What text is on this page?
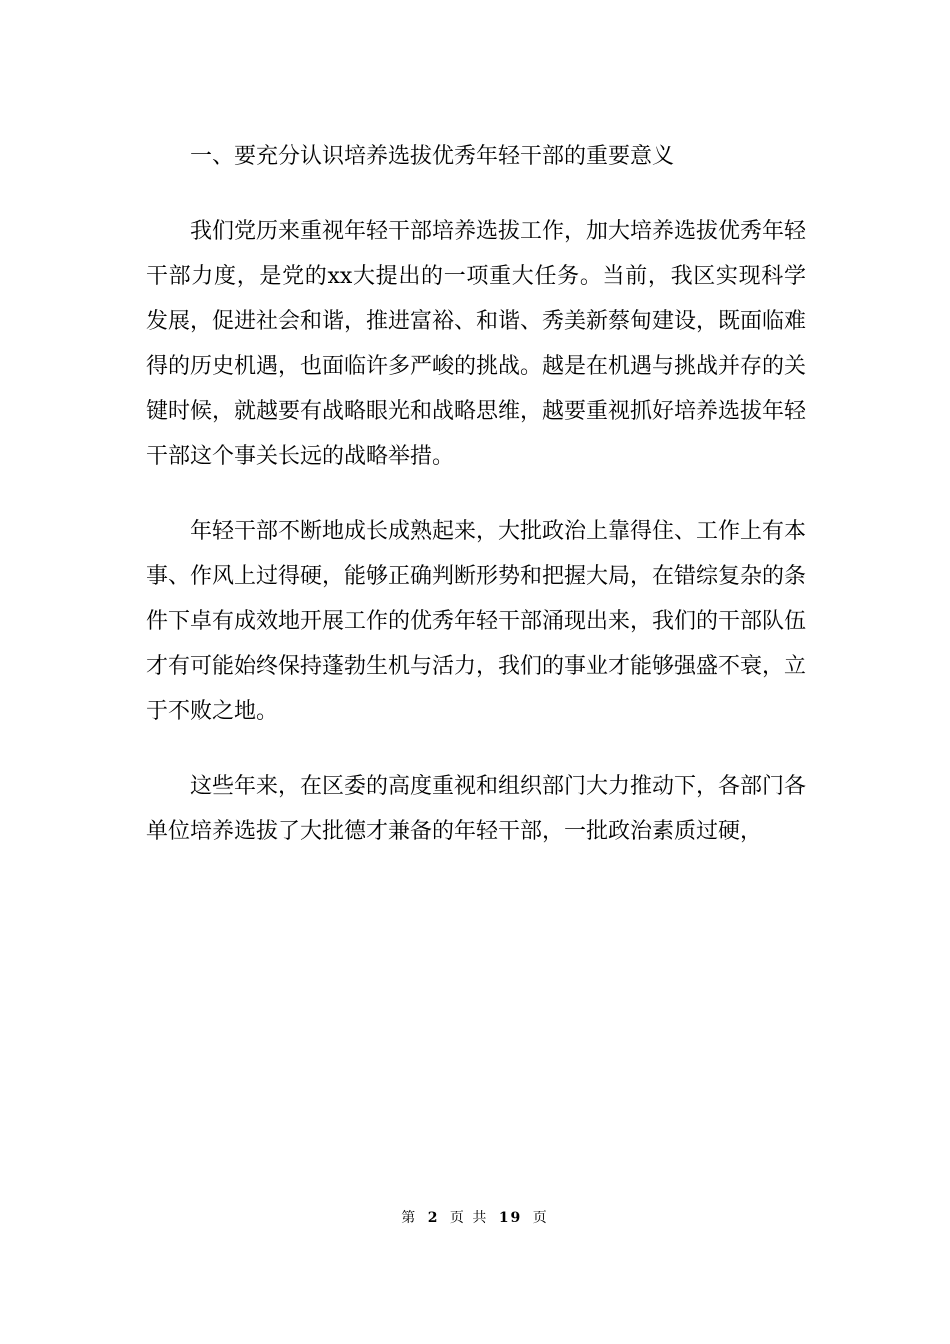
一、要充分认识培养选拔优秀年轻干部的重要意义

我们党历来重视年轻干部培养选拔工作，加大培养选拔优秀年轻干部力度，是党的xx大提出的一项重大任务。当前，我区实现科学发展，促进社会和谐，推进富裕、和谐、秀美新蔡甸建设，既面临难得的历史机遇，也面临许多严峻的挑战。越是在机遇与挑战并存的关键时候，就越要有战略眼光和战略思维，越要重视抓好培养选拔年轻干部这个事关长远的战略举措。

年轻干部不断地成长成熟起来，大批政治上靠得住、工作上有本事、作风上过得硬，能够正确判断形势和把握大局，在错综复杂的条件下卓有成效地开展工作的优秀年轻干部涌现出来，我们的干部队伍才有可能始终保持蓬勃生机与活力，我们的事业才能够强盛不衰，立于不败之地。

这些年来，在区委的高度重视和组织部门大力推动下，各部门各单位培养选拔了大批德才兼备的年轻干部，一批政治素质过硬，

第 2 页 共 19 页
